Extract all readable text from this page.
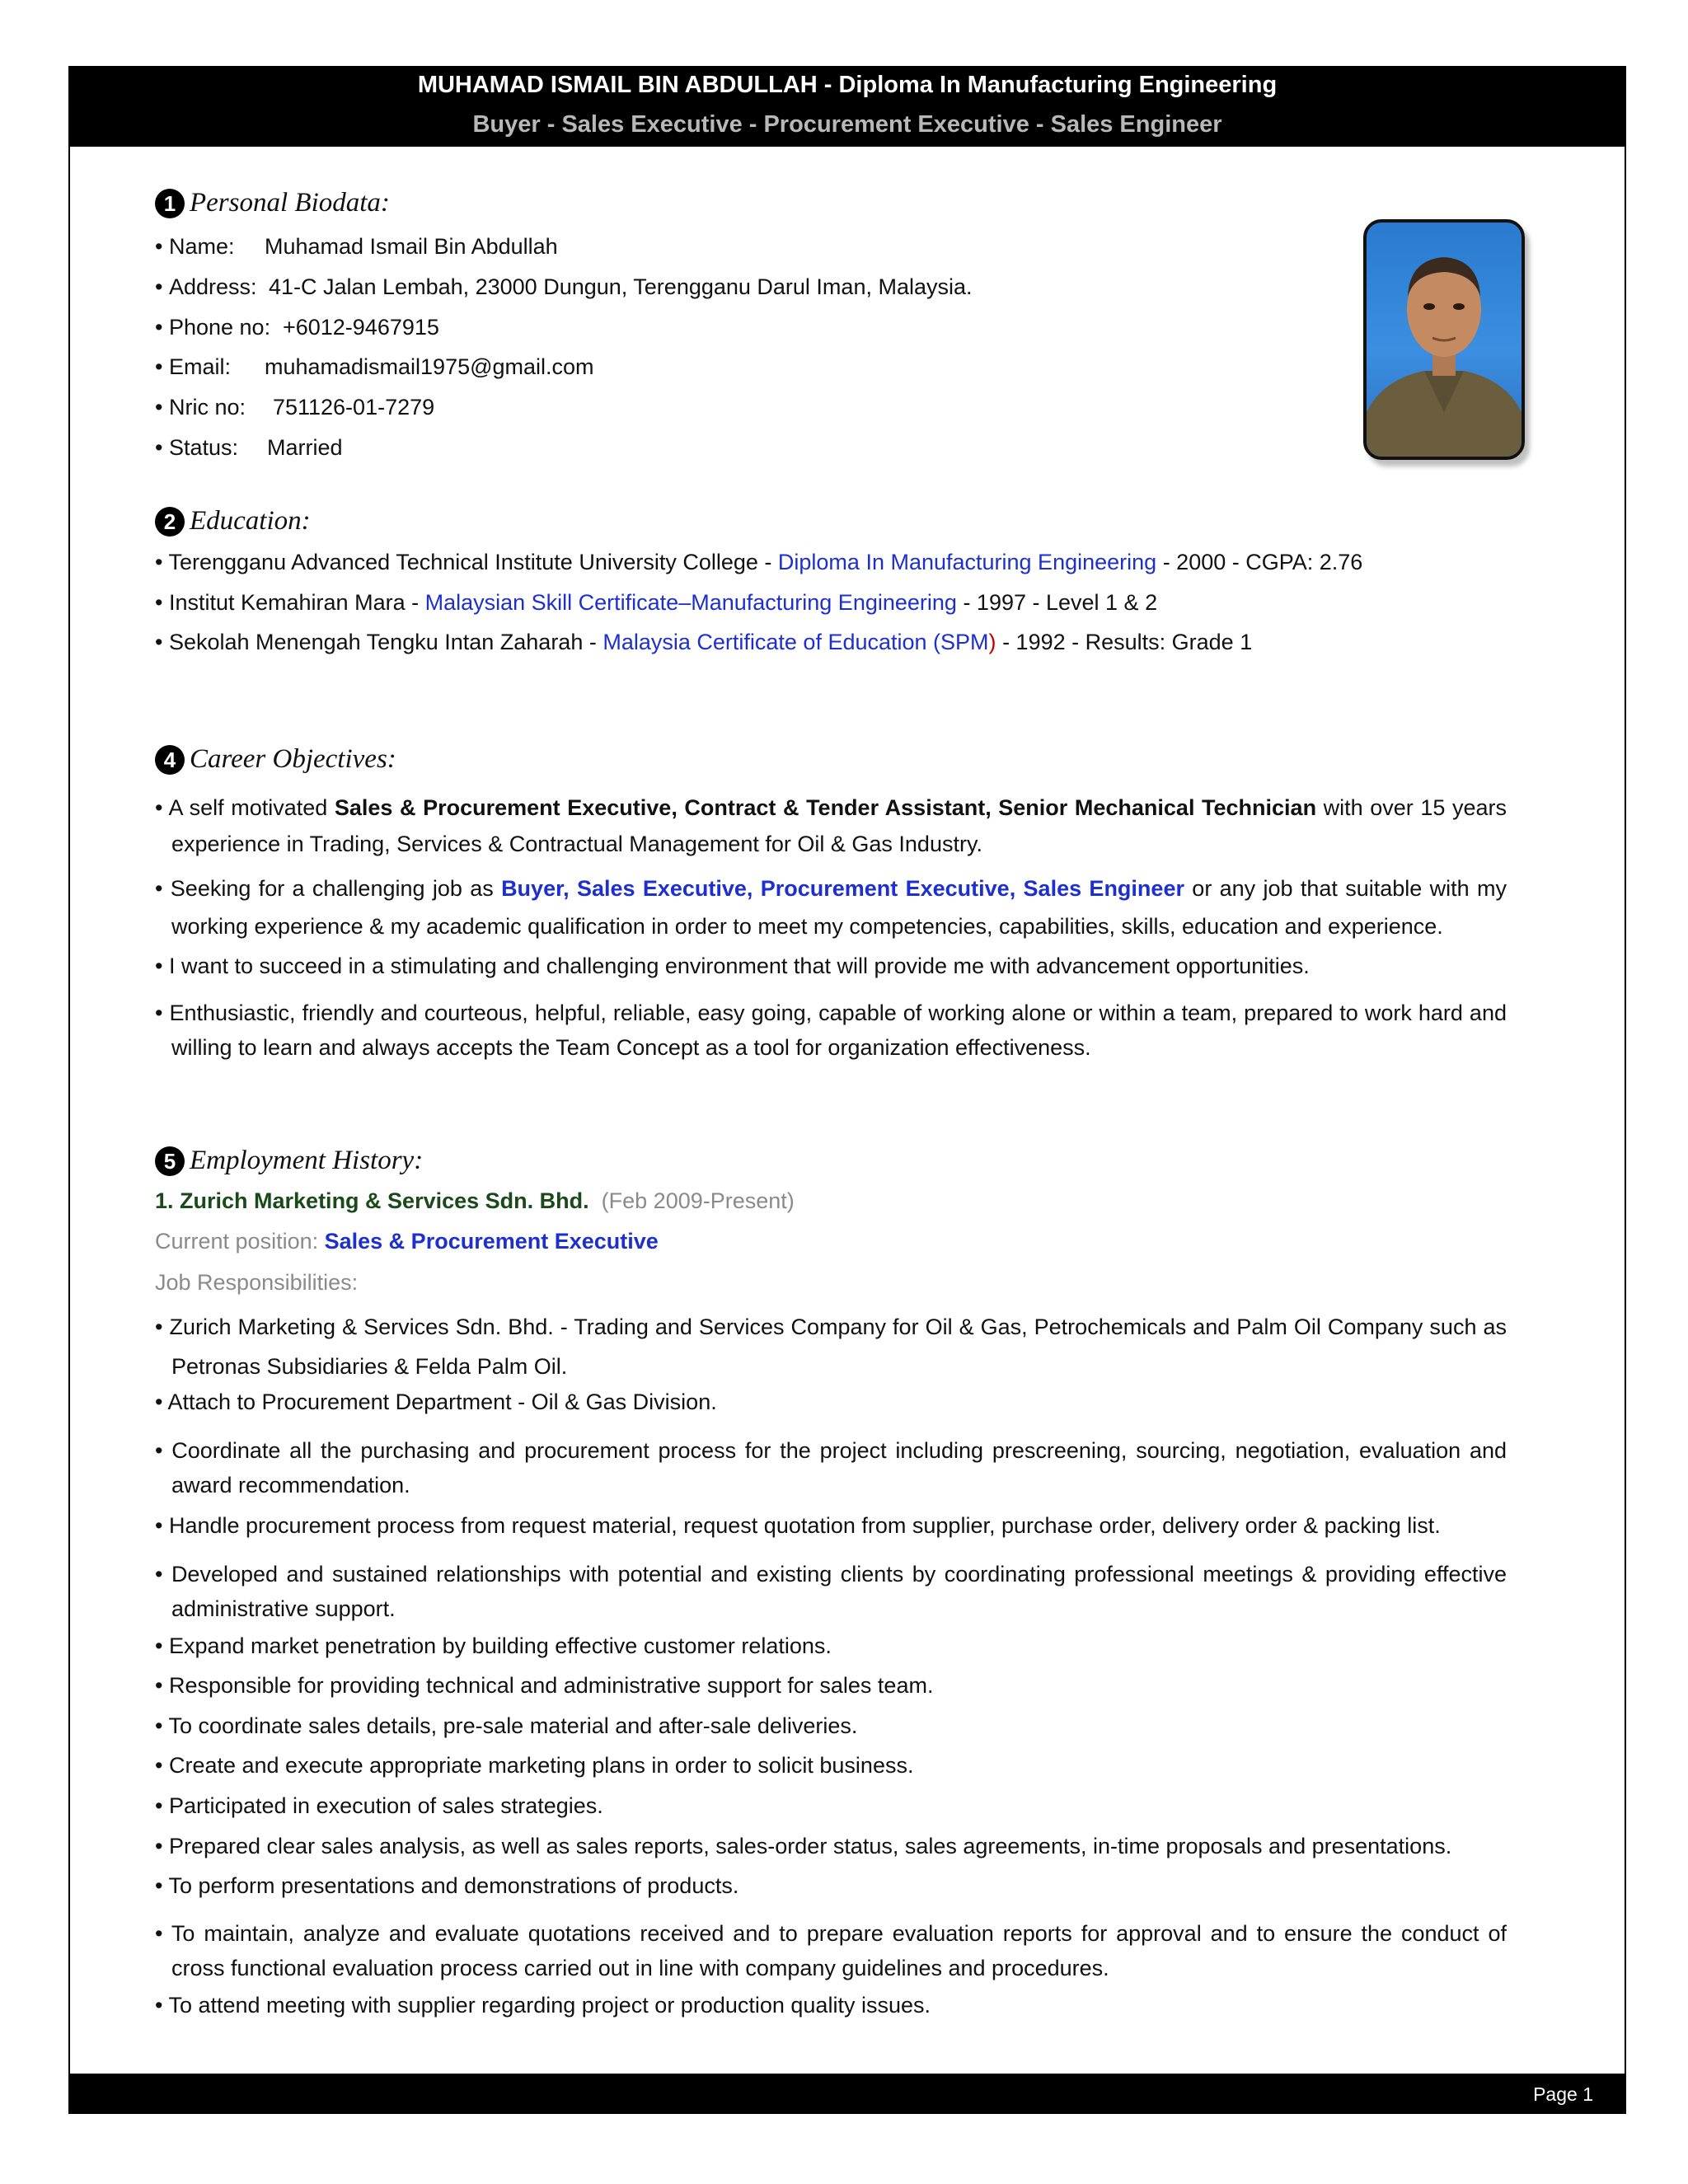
MUHAMAD ISMAIL BIN ABDULLAH - Diploma In Manufacturing Engineering
Buyer - Sales Executive - Procurement Executive - Sales Engineer
1 Personal Biodata:
• Name: Muhamad Ismail Bin Abdullah
• Address: 41-C Jalan Lembah, 23000 Dungun, Terengganu Darul Iman, Malaysia.
• Phone no: +6012-9467915
• Email: muhamadismail1975@gmail.com
• Nric no: 751126-01-7279
• Status: Married
2 Education:
• Terengganu Advanced Technical Institute University College - Diploma In Manufacturing Engineering - 2000 - CGPA: 2.76
• Institut Kemahiran Mara - Malaysian Skill Certificate–Manufacturing Engineering - 1997 - Level 1 & 2
• Sekolah Menengah Tengku Intan Zaharah - Malaysia Certificate of Education (SPM) - 1992 - Results: Grade 1
4 Career Objectives:
• A self motivated Sales & Procurement Executive, Contract & Tender Assistant, Senior Mechanical Technician with over 15 years experience in Trading, Services & Contractual Management for Oil & Gas Industry.
• Seeking for a challenging job as Buyer, Sales Executive, Procurement Executive, Sales Engineer or any job that suitable with my working experience & my academic qualification in order to meet my competencies, capabilities, skills, education and experience.
• I want to succeed in a stimulating and challenging environment that will provide me with advancement opportunities.
• Enthusiastic, friendly and courteous, helpful, reliable, easy going, capable of working alone or within a team, prepared to work hard and willing to learn and always accepts the Team Concept as a tool for organization effectiveness.
5 Employment History:
1. Zurich Marketing & Services Sdn. Bhd. (Feb 2009-Present)
Current position: Sales & Procurement Executive
Job Responsibilities:
• Zurich Marketing & Services Sdn. Bhd. - Trading and Services Company for Oil & Gas, Petrochemicals and Palm Oil Company such as Petronas Subsidiaries & Felda Palm Oil.
• Attach to Procurement Department - Oil & Gas Division.
• Coordinate all the purchasing and procurement process for the project including prescreening, sourcing, negotiation, evaluation and award recommendation.
• Handle procurement process from request material, request quotation from supplier, purchase order, delivery order & packing list.
• Developed and sustained relationships with potential and existing clients by coordinating professional meetings & providing effective administrative support.
• Expand market penetration by building effective customer relations.
• Responsible for providing technical and administrative support for sales team.
• To coordinate sales details, pre-sale material and after-sale deliveries.
• Create and execute appropriate marketing plans in order to solicit business.
• Participated in execution of sales strategies.
• Prepared clear sales analysis, as well as sales reports, sales-order status, sales agreements, in-time proposals and presentations.
• To perform presentations and demonstrations of products.
• To maintain, analyze and evaluate quotations received and to prepare evaluation reports for approval and to ensure the conduct of cross functional evaluation process carried out in line with company guidelines and procedures.
• To attend meeting with supplier regarding project or production quality issues.
Page 1
